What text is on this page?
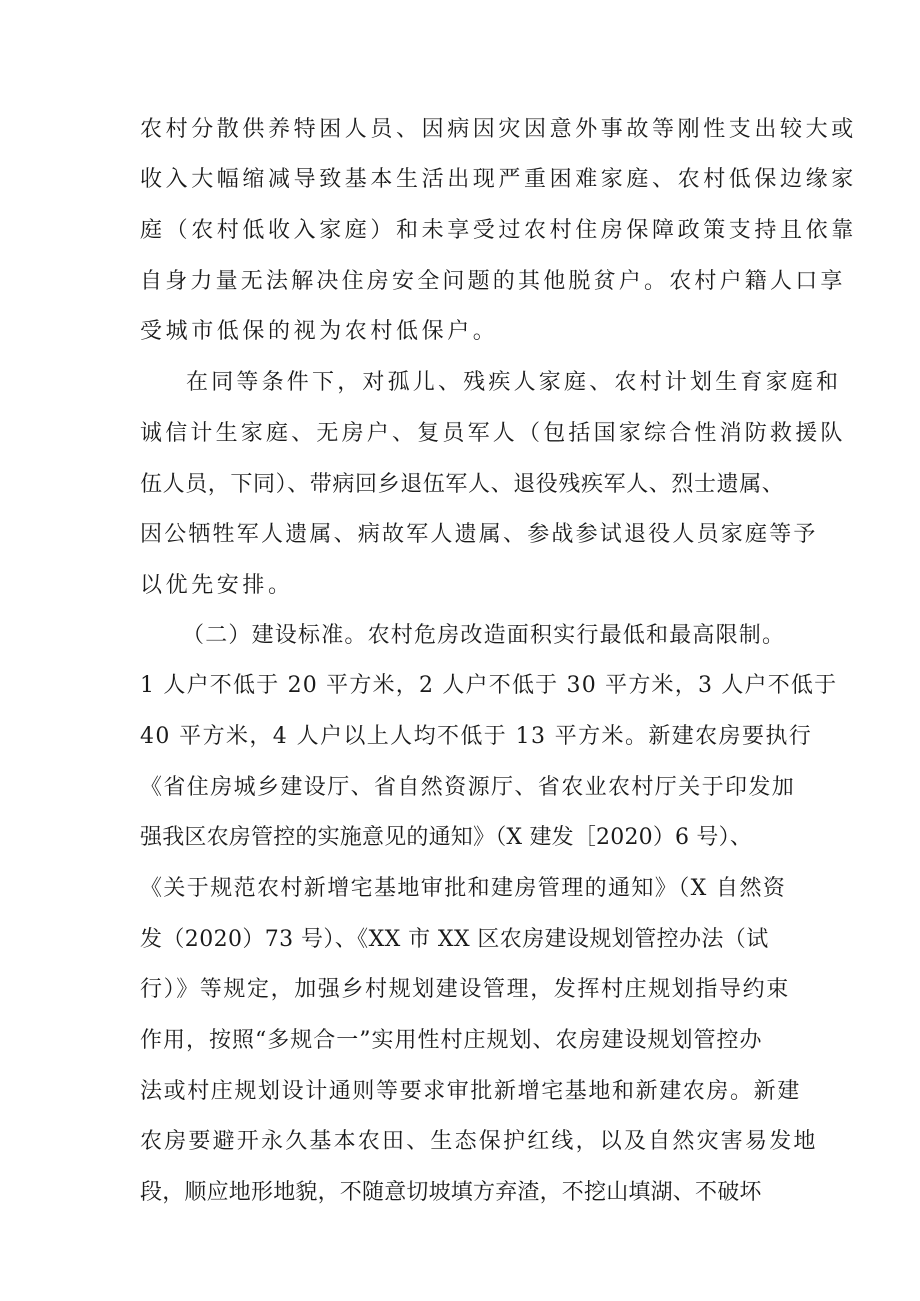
农村分散供养特困人员、因病因灾因意外事故等刚性支出较大或
收入大幅缩减导致基本生活出现严重困难家庭、农村低保边缘家
庭（农村低收入家庭）和未享受过农村住房保障政策支持且依靠
自身力量无法解决住房安全问题的其他脱贫户。农村户籍人口享
受城市低保的视为农村低保户。
在同等条件下，对孤儿、残疾人家庭、农村计划生育家庭和
诚信计生家庭、无房户、复员军人（包括国家综合性消防救援队
伍人员，下同）、带病回乡退伍军人、退役残疾军人、烈士遗属、
因公牺牲军人遗属、病故军人遗属、参战参试退役人员家庭等予
以优先安排。
（二）建设标准。农村危房改造面积实行最低和最高限制。
1 人户不低于 20 平方米，2 人户不低于 30 平方米，3 人户不低于
40 平方米，4 人户以上人均不低于 13 平方米。新建农房要执行
《省住房城乡建设厅、省自然资源厅、省农业农村厅关于印发加
强我区农房管控的实施意见的通知》（X 建发［2020）6 号）、
《关于规范农村新增宅基地审批和建房管理的通知》（X 自然资
发（2020）73 号）、《XX 市 XX 区农房建设规划管控办法（试
行）》等规定，加强乡村规划建设管理，发挥村庄规划指导约束
作用，按照“多规合一”实用性村庄规划、农房建设规划管控办
法或村庄规划设计通则等要求审批新增宅基地和新建农房。新建
农房要避开永久基本农田、生态保护红线，以及自然灾害易发地
段，顺应地形地貌，不随意切坡填方弃渣，不挖山填湖、不破坏
